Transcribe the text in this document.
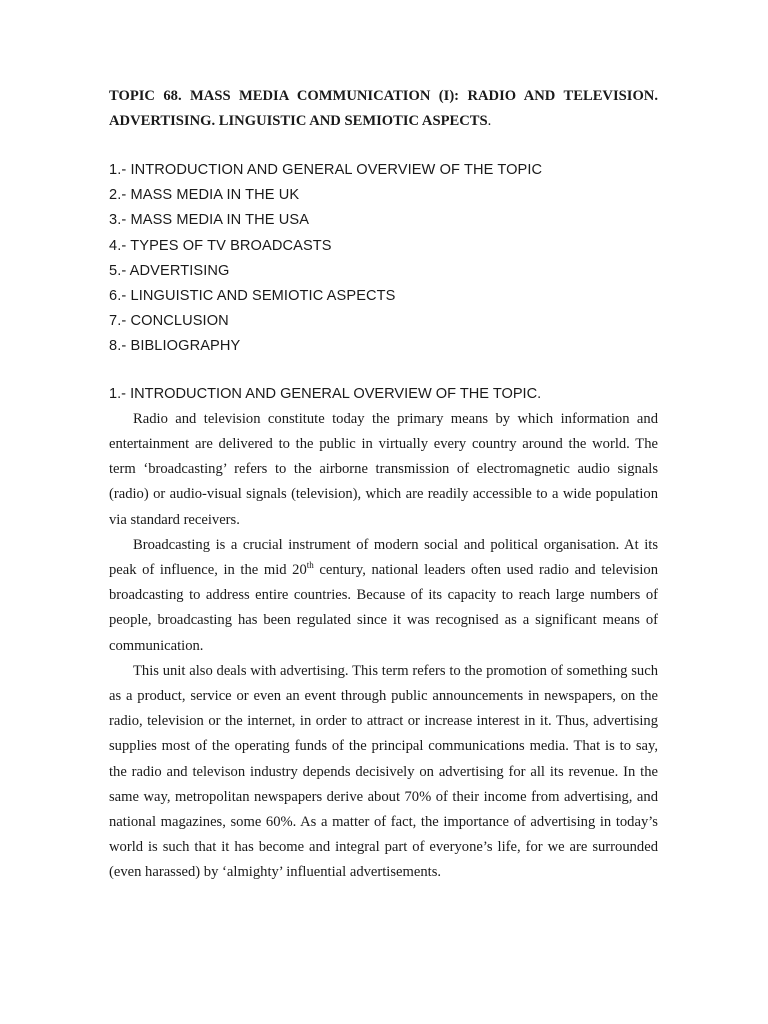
TOPIC 68. MASS MEDIA COMMUNICATION (I): RADIO AND TELEVISION.

ADVERTISING. LINGUISTIC AND SEMIOTIC ASPECTS.

1.- INTRODUCTION AND GENERAL OVERVIEW OF THE TOPIC
2.- MASS MEDIA IN THE UK
3.- MASS MEDIA IN THE USA
4.- TYPES OF TV BROADCASTS
5.- ADVERTISING
6.- LINGUISTIC AND SEMIOTIC ASPECTS
7.- CONCLUSION
8.- BIBLIOGRAPHY

1.- INTRODUCTION AND GENERAL OVERVIEW OF THE TOPIC.

Radio and television constitute today the primary means by which information and entertainment are delivered to the public in virtually every country around the world. The term ‘broadcasting’ refers to the airborne transmission of electromagnetic audio signals (radio) or audio-visual signals (television), which are readily accessible to a wide population via standard receivers.

Broadcasting is a crucial instrument of modern social and political organisation. At its peak of influence, in the mid 20th century, national leaders often used radio and television broadcasting to address entire countries. Because of its capacity to reach large numbers of people, broadcasting has been regulated since it was recognised as a significant means of communication.

This unit also deals with advertising. This term refers to the promotion of something such as a product, service or even an event through public announcements in newspapers, on the radio, television or the internet, in order to attract or increase interest in it. Thus, advertising supplies most of the operating funds of the principal communications media. That is to say, the radio and televison industry depends decisively on advertising for all its revenue. In the same way, metropolitan newspapers derive about 70% of their income from advertising, and national magazines, some 60%. As a matter of fact, the importance of advertising in today’s world is such that it has become and integral part of everyone’s life, for we are surrounded (even harassed) by ‘almighty’ influential advertisements.
